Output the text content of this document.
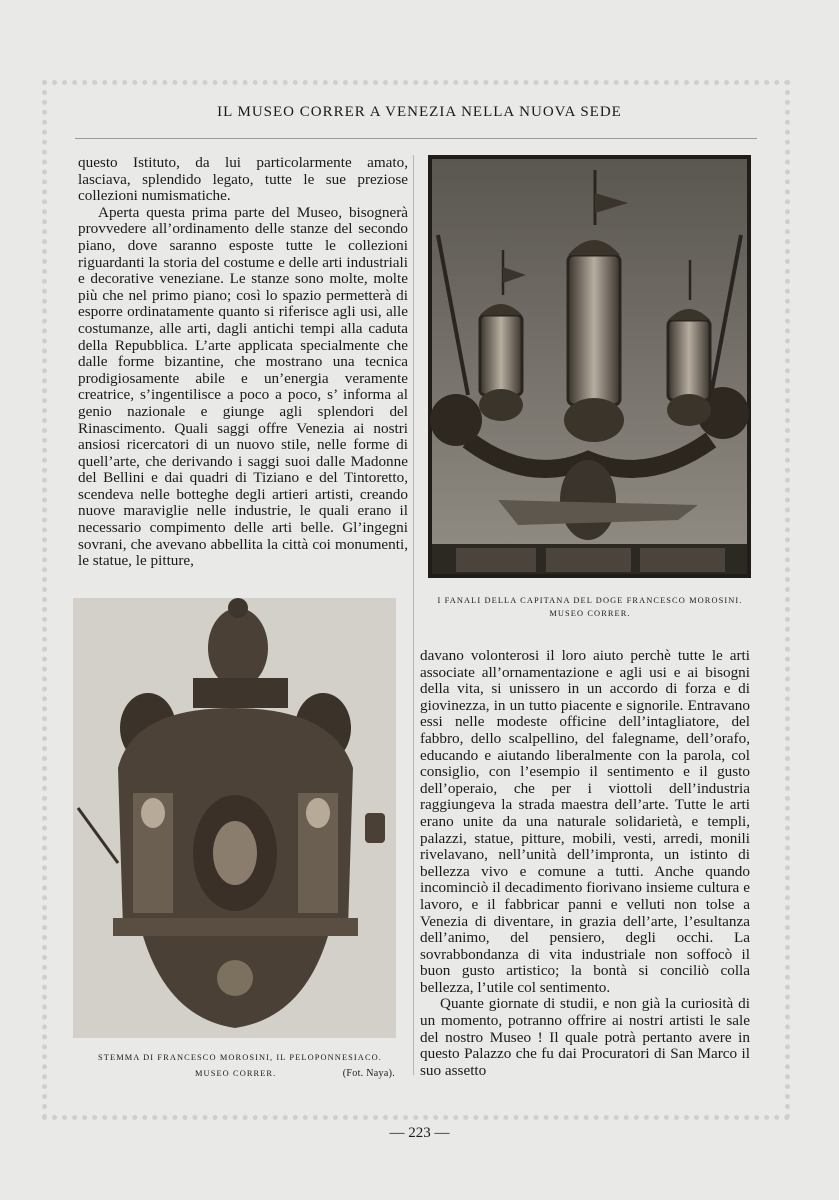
IL MUSEO CORRER A VENEZIA NELLA NUOVA SEDE

questo Istituto, da lui particolarmente amato,

lasciava, splendido legato, tutte le sue preziose

collezioni numismatiche.

Aperta questa prima parte del Museo, bisognerà provvedere all’ordinamento delle stanze del secondo piano, dove saranno esposte tutte le collezioni riguardanti la storia del costume e delle arti industriali e decorative veneziane. Le stanze sono molte, molte più che nel primo piano; così lo spazio permetterà di esporre ordinatamente quanto si riferisce agli usi, alle costumanze, alle arti, dagli antichi tempi alla caduta della Repubblica. L’arte applicata specialmente che dalle forme bizantine, che mostrano una tecnica prodigiosamente abile e un’energia veramente creatrice, s’ingentilisce a poco a poco, s’ informa al genio nazionale e giunge agli splendori del Rinascimento. Quali saggi offre Venezia ai nostri ansiosi ricercatori di un nuovo stile, nelle forme di quell’arte, che derivando i saggi suoi dalle Madonne del Bellini e dai quadri di Tiziano e del Tintoretto, scendeva nelle botteghe degli artieri artisti, creando nuove maraviglie nelle industrie, le quali erano il necessario compimento delle arti belle. Gl’ingegni sovrani, che avevano abbellita la città coi monumenti, le statue, le pitture,

I FANALI DELLA CAPITANA DEL DOGE FRANCESCO MOROSINI.
MUSEO CORRER.
STEMMA DI FRANCESCO MOROSINI, IL PELOPONNESIACO.
MUSEO CORRER.	(Fot. Naya).

davano volonterosi il loro aiuto perchè tutte le arti associate all’ornamentazione e agli usi e ai bisogni della vita, si unissero in un accordo di forza e di giovinezza, in un tutto piacente e signorile. Entravano essi nelle modeste officine dell’intagliatore, del fabbro, dello scalpellino, del falegname, dell’orafo, educando e aiutando liberalmente con la parola, col consiglio, con l’esempio il sentimento e il gusto dell’operaio, che per i viottoli dell’industria raggiungeva la strada maestra dell’arte. Tutte le arti erano unite da una naturale solidarietà, e templi, palazzi, statue, pitture, mobili, vesti, arredi, monili rivelavano, nell’unità dell’impronta, un istinto di bellezza vivo e comune a tutti. Anche quando incominciò il decadimento fiorivano insieme cultura e lavoro, e il fabbricar panni e velluti non tolse a Venezia di diventare, in grazia dell’arte, l’esultanza dell’animo, del pensiero, degli occhi. La sovrabbondanza di vita industriale non soffocò il buon gusto artistico; la bontà si conciliò colla bellezza, l’utile col sentimento.

Quante giornate di studii, e non già la curiosità di un momento, potranno offrire ai nostri artisti le sale del nostro Museo ! Il quale potrà pertanto avere in questo Palazzo che fu dai Procuratori di San Marco il suo assetto

— 223 —
